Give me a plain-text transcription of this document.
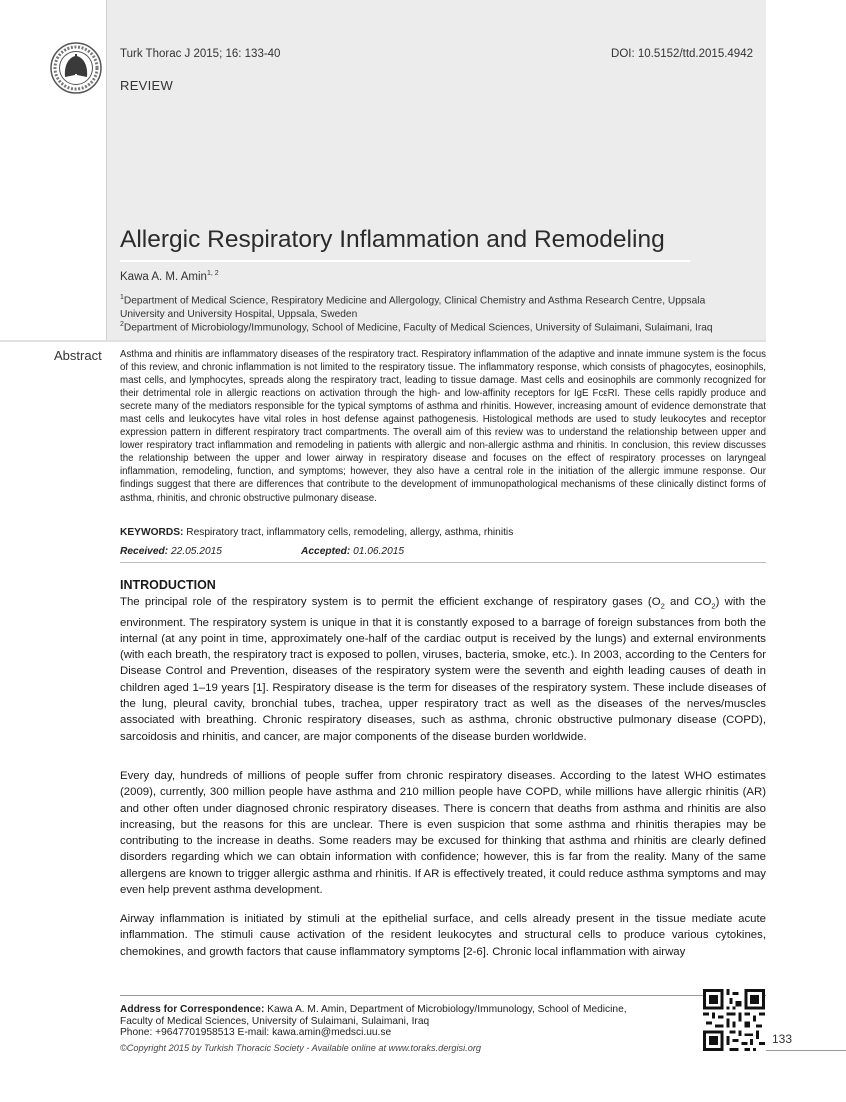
Turk Thorac J 2015; 16: 133-40	DOI: 10.5152/ttd.2015.4942
REVIEW
Allergic Respiratory Inflammation and Remodeling
Kawa A. M. Amin$^{1, 2}$
$^1$Department of Medical Science, Respiratory Medicine and Allergology, Clinical Chemistry and Asthma Research Centre, Uppsala University and University Hospital, Uppsala, Sweden
$^2$Department of Microbiology/Immunology, School of Medicine, Faculty of Medical Sciences, University of Sulaimani, Sulaimani, Iraq
Abstract Asthma and rhinitis are inflammatory diseases of the respiratory tract. Respiratory inflammation of the adaptive and innate immune system is the focus of this review, and chronic inflammation is not limited to the respiratory tissue. The inflammatory response, which consists of phagocytes, eosinophils, mast cells, and lymphocytes, spreads along the respiratory tract, leading to tissue damage. Mast cells and eosinophils are commonly recognized for their detrimental role in allergic reactions on activation through the high- and low-affinity receptors for IgE FcεRI. These cells rapidly produce and secrete many of the mediators responsible for the typical symptoms of asthma and rhinitis. However, increasing amount of evidence demonstrate that mast cells and leukocytes have vital roles in host defense against pathogenesis. Histological methods are used to study leukocytes and receptor expression pattern in different respiratory tract compartments. The overall aim of this review was to understand the relationship between upper and lower respiratory tract inflammation and remodeling in patients with allergic and non-allergic asthma and rhinitis. In conclusion, this review discusses the relationship between the upper and lower airway in respiratory disease and focuses on the effect of respiratory processes on laryngeal inflammation, remodeling, function, and symptoms; however, they also have a central role in the initiation of the allergic immune response. Our findings suggest that there are differences that contribute to the development of immunopathological mechanisms of these clinically distinct forms of asthma, rhinitis, and chronic obstructive pulmonary disease.

KEYWORDS: Respiratory tract, inflammatory cells, remodeling, allergy, asthma, rhinitis
Received: 22.05.2015	Accepted: 01.06.2015
INTRODUCTION

The principal role of the respiratory system is to permit the efficient exchange of respiratory gases ($O_2$ and $CO_2$) with the environment. The respiratory system is unique in that it is constantly exposed to a barrage of foreign substances from both the internal (at any point in time, approximately one-half of the cardiac output is received by the lungs) and external environments (with each breath, the respiratory tract is exposed to pollen, viruses, bacteria, smoke, etc.). In 2003, according to the Centers for Disease Control and Prevention, diseases of the respiratory system were the seventh and eighth leading causes of death in children aged 1–19 years [1]. Respiratory disease is the term for diseases of the respiratory system. These include diseases of the lung, pleural cavity, bronchial tubes, trachea, upper respiratory tract as well as the diseases of the nerves/muscles associated with breathing. Chronic respiratory diseases, such as asthma, chronic obstructive pulmonary disease (COPD), sarcoidosis and rhinitis, and cancer, are major components of the disease burden worldwide.

Every day, hundreds of millions of people suffer from chronic respiratory diseases. According to the latest WHO estimates (2009), currently, 300 million people have asthma and 210 million people have COPD, while millions have allergic rhinitis (AR) and other often under diagnosed chronic respiratory diseases. There is concern that deaths from asthma and rhinitis are also increasing, but the reasons for this are unclear. There is even suspicion that some asthma and rhinitis therapies may be contributing to the increase in deaths. Some readers may be excused for thinking that asthma and rhinitis are clearly defined disorders regarding which we can obtain information with confidence; however, this is far from the reality. Many of the same allergens are known to trigger allergic asthma and rhinitis. If AR is effectively treated, it could reduce asthma symptoms and may even help prevent asthma development.

Airway inflammation is initiated by stimuli at the epithelial surface, and cells already present in the tissue mediate acute inflammation. The stimuli cause activation of the resident leukocytes and structural cells to produce various cytokines, chemokines, and growth factors that cause inflammatory symptoms [2-6]. Chronic local inflammation with airway

Address for Correspondence: Kawa A. M. Amin, Department of Microbiology/Immunology, School of Medicine,
Faculty of Medical Sciences, University of Sulaimani, Sulaimani, Iraq
Phone: +9647701958513 E-mail: kawa.amin@medsci.uu.se
©Copyright 2015 by Turkish Thoracic Society - Available online at www.toraks.dergisi.org
133
